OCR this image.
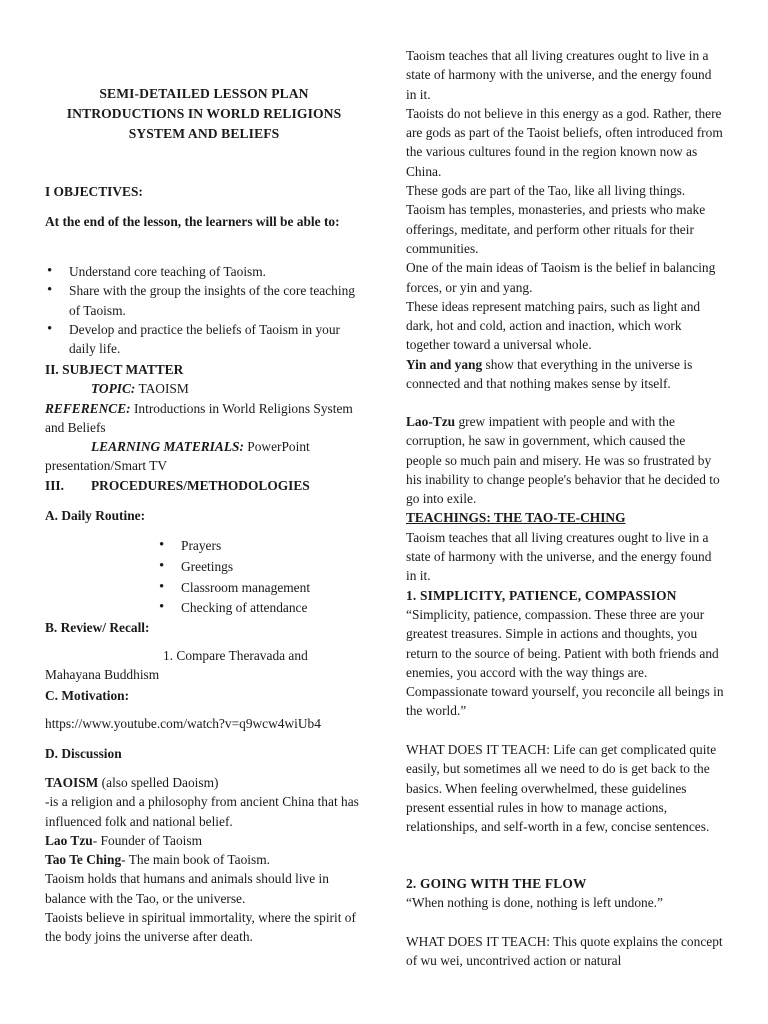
SEMI-DETAILED LESSON PLAN
INTRODUCTIONS IN WORLD RELIGIONS
SYSTEM AND BELIEFS
I OBJECTIVES:
At the end of the lesson, the learners will be able to:
• Understand core teaching of Taoism.
• Share with the group the insights of the core teaching of Taoism.
• Develop and practice the beliefs of Taoism in your daily life.
II. SUBJECT MATTER
TOPIC: TAOISM
REFERENCE: Introductions in World Religions System and Beliefs
LEARNING MATERIALS: PowerPoint presentation/Smart TV
III. PROCEDURES/METHODOLOGIES
A. Daily Routine:
• Prayers
• Greetings
• Classroom management
• Checking of attendance
B. Review/ Recall:
1. Compare Theravada and Mahayana Buddhism
C. Motivation:
https://www.youtube.com/watch?v=q9wcw4wiUb4
D. Discussion
TAOISM (also spelled Daoism)
-is a religion and a philosophy from ancient China that has influenced folk and national belief.
Lao Tzu- Founder of Taoism
Tao Te Ching- The main book of Taoism.
Taoism holds that humans and animals should live in balance with the Tao, or the universe.
Taoists believe in spiritual immortality, where the spirit of the body joins the universe after death.
Taoism teaches that all living creatures ought to live in a state of harmony with the universe, and the energy found in it.
Taoists do not believe in this energy as a god. Rather, there are gods as part of the Taoist beliefs, often introduced from the various cultures found in the region known now as China.
These gods are part of the Tao, like all living things. Taoism has temples, monasteries, and priests who make offerings, meditate, and perform other rituals for their communities.
One of the main ideas of Taoism is the belief in balancing forces, or yin and yang.
These ideas represent matching pairs, such as light and dark, hot and cold, action and inaction, which work together toward a universal whole.
Yin and yang show that everything in the universe is connected and that nothing makes sense by itself.
Lao-Tzu grew impatient with people and with the corruption, he saw in government, which caused the people so much pain and misery. He was so frustrated by his inability to change people's behavior that he decided to go into exile.
TEACHINGS: THE TAO-TE-CHING
Taoism teaches that all living creatures ought to live in a state of harmony with the universe, and the energy found in it.
1. SIMPLICITY, PATIENCE, COMPASSION
“Simplicity, patience, compassion. These three are your greatest treasures. Simple in actions and thoughts, you return to the source of being. Patient with both friends and enemies, you accord with the way things are. Compassionate toward yourself, you reconcile all beings in the world.”
WHAT DOES IT TEACH: Life can get complicated quite easily, but sometimes all we need to do is get back to the basics. When feeling overwhelmed, these guidelines present essential rules in how to manage actions, relationships, and self-worth in a few, concise sentences.
2. GOING WITH THE FLOW
“When nothing is done, nothing is left undone.”
WHAT DOES IT TEACH: This quote explains the concept of wu wei, uncontrived action or natural
